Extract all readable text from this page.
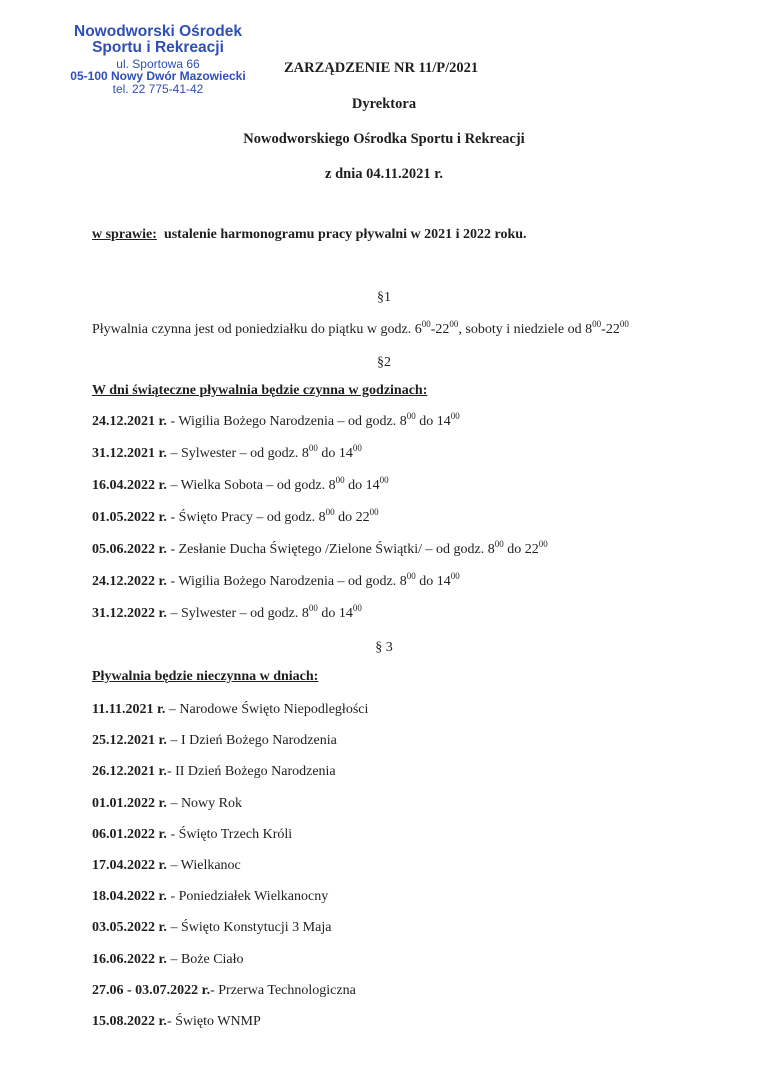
Nowodworski Ośrodek
Sportu i Rekreacji
ul. Sportowa 66
05-100 Nowy Dwór Mazowiecki
tel. 22 775-41-42
ZARZĄDZENIE NR 11/P/2021
Dyrektora
Nowodworskiego Ośrodka Sportu i Rekreacji
z dnia 04.11.2021 r.
w sprawie: ustalenie harmonogramu pracy pływalni w 2021 i 2022 roku.
§1
Pływalnia czynna jest od poniedziałku do piątku w godz. $6^{00}-22^{00}$, soboty i niedziele od $8^{00}-22^{00}$
§2
W dni świąteczne pływalnia będzie czynna w godzinach:
24.12.2021 r. - Wigilia Bożego Narodzenia – od godz. $8^{00}$ do $14^{00}$
31.12.2021 r. – Sylwester – od godz. $8^{00}$ do $14^{00}$
16.04.2022 r. – Wielka Sobota – od godz. $8^{00}$ do $14^{00}$
01.05.2022 r. - Święto Pracy – od godz. $8^{00}$ do $22^{00}$
05.06.2022 r. - Zesłanie Ducha Świętego /Zielone Świątki/ – od godz. $8^{00}$ do $22^{00}$
24.12.2022 r. - Wigilia Bożego Narodzenia – od godz. $8^{00}$ do $14^{00}$
31.12.2022 r. – Sylwester – od godz. $8^{00}$ do $14^{00}$
§ 3
Pływalnia będzie nieczynna w dniach:
11.11.2021 r. – Narodowe Święto Niepodległości
25.12.2021 r. – I Dzień Bożego Narodzenia
26.12.2021 r.- II Dzień Bożego Narodzenia
01.01.2022 r. – Nowy Rok
06.01.2022 r. - Święto Trzech Króli
17.04.2022 r. – Wielkanoc
18.04.2022 r. - Poniedziałek Wielkanocny
03.05.2022 r. – Święto Konstytucji 3 Maja
16.06.2022 r. – Boże Ciało
27.06 - 03.07.2022 r.- Przerwa Technologiczna
15.08.2022 r.- Święto WNMP
